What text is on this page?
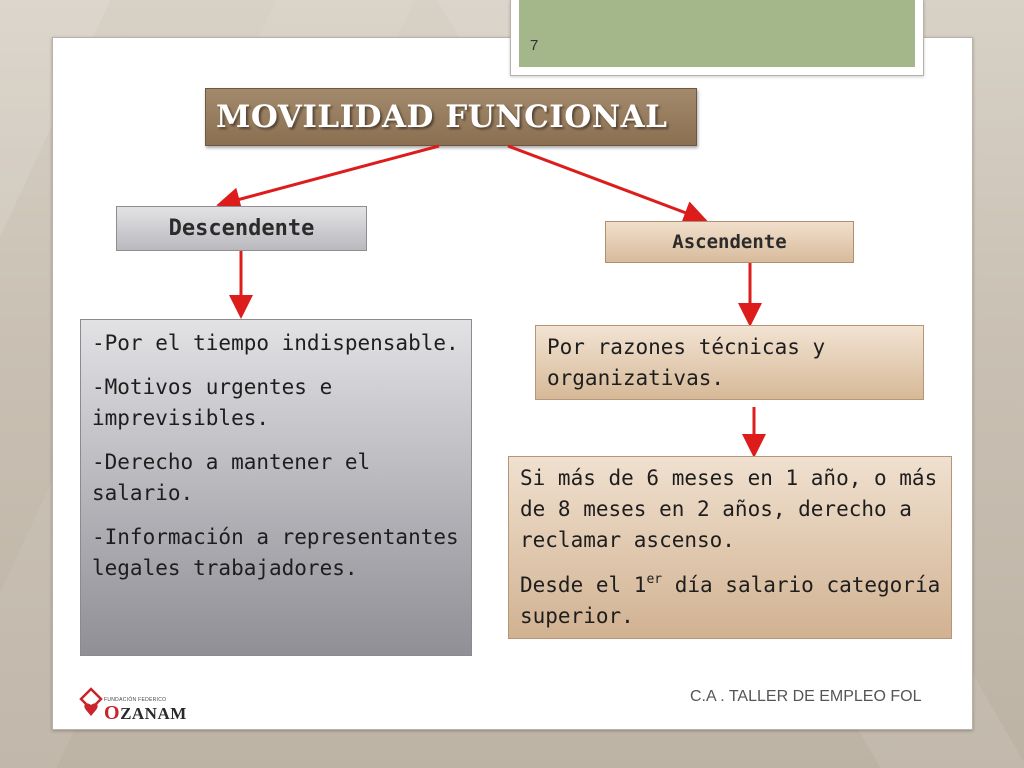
7
MOVILIDAD FUNCIONAL
Descendente
Ascendente

-Por el tiempo indispensable.

-Motivos urgentes e imprevisibles.

-Derecho a mantener el salario.

-Información a representantes legales trabajadores.

Por razones técnicas y organizativas.

Si más de 6 meses en 1 año, o más de 8 meses en 2 años, derecho a reclamar ascenso.

Desde el 1er día salario categoría superior.

FUNDACIÓN FEDERICO
OZANAM
C.A . TALLER DE EMPLEO FOL
